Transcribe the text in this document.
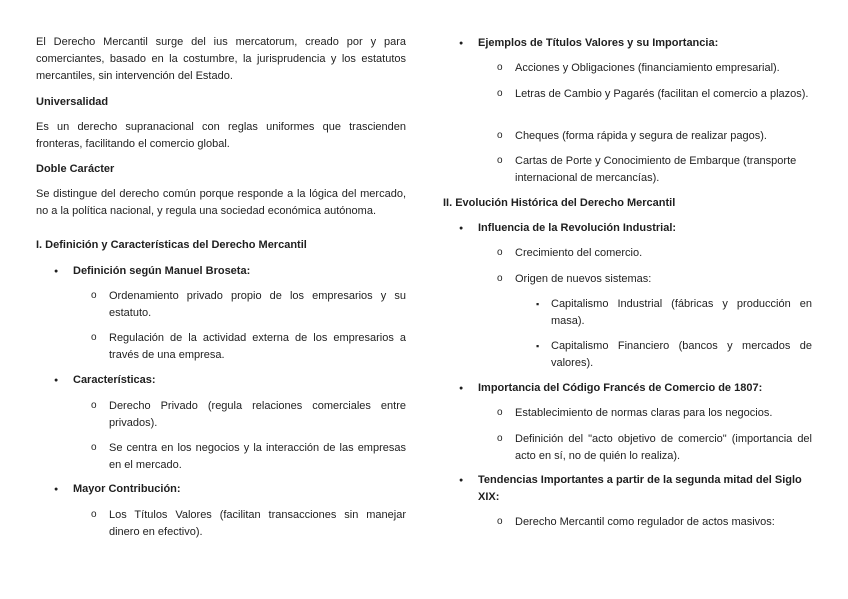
El Derecho Mercantil surge del ius mercatorum, creado por y para comerciantes, basado en la costumbre, la jurisprudencia y los estatutos mercantiles, sin intervención del Estado.

Universalidad

Es un derecho supranacional con reglas uniformes que trascienden fronteras, facilitando el comercio global.

Doble Carácter

Se distingue del derecho común porque responde a la lógica del mercado, no a la política nacional, y regula una sociedad económica autónoma.

I. Definición y Características del Derecho Mercantil

● Definición según Manuel Broseta:
o Ordenamiento privado propio de los empresarios y su estatuto.
o Regulación de la actividad externa de los empresarios a través de una empresa.
● Características:
o Derecho Privado (regula relaciones comerciales entre privados).
o Se centra en los negocios y la interacción de las empresas en el mercado.
● Mayor Contribución:
o Los Títulos Valores (facilitan transacciones sin manejar dinero en efectivo).
● Ejemplos de Títulos Valores y su Importancia:
o Acciones y Obligaciones (financiamiento empresarial).
o Letras de Cambio y Pagarés (facilitan el comercio a plazos).
o Cheques (forma rápida y segura de realizar pagos).
o Cartas de Porte y Conocimiento de Embarque (transporte internacional de mercancías).

II. Evolución Histórica del Derecho Mercantil

● Influencia de la Revolución Industrial:
o Crecimiento del comercio.
o Origen de nuevos sistemas:
▪ Capitalismo Industrial (fábricas y producción en masa).
▪ Capitalismo Financiero (bancos y mercados de valores).
● Importancia del Código Francés de Comercio de 1807:
o Establecimiento de normas claras para los negocios.
o Definición del "acto objetivo de comercio" (importancia del acto en sí, no de quién lo realiza).
● Tendencias Importantes a partir de la segunda mitad del Siglo XIX:
o Derecho Mercantil como regulador de actos masivos:
